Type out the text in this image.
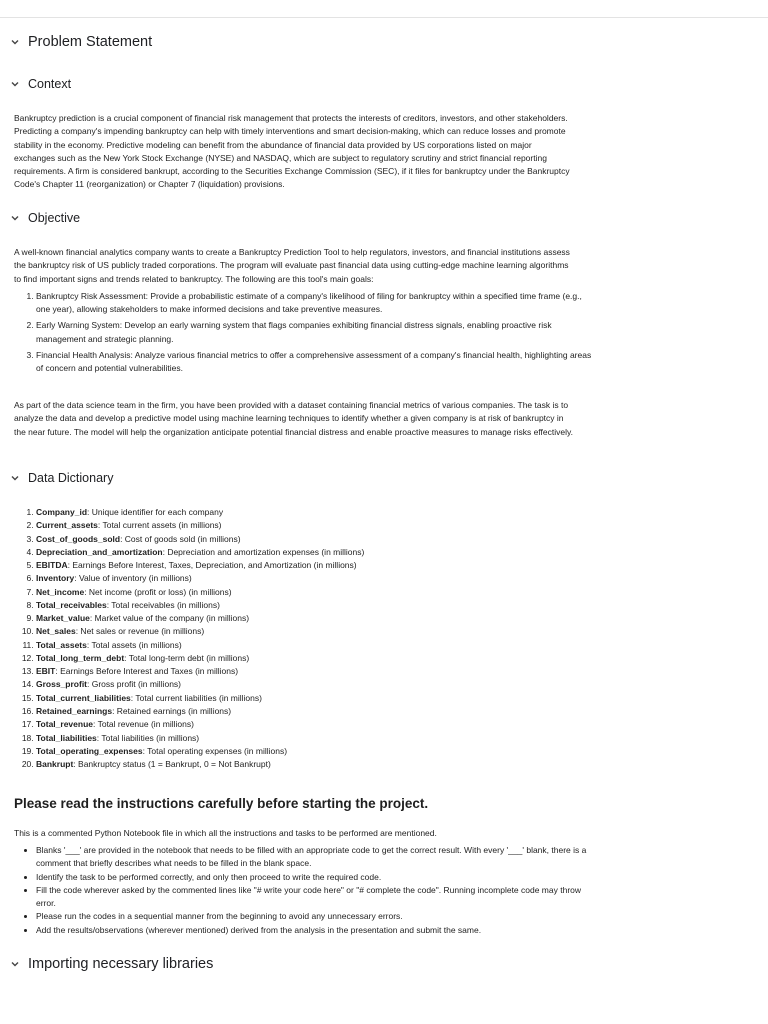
Problem Statement
Context

Bankruptcy prediction is a crucial component of financial risk management that protects the interests of creditors, investors, and other stakeholders. Predicting a company's impending bankruptcy can help with timely interventions and smart decision-making, which can reduce losses and promote stability in the economy. Predictive modeling can benefit from the abundance of financial data provided by US corporations listed on major exchanges such as the New York Stock Exchange (NYSE) and NASDAQ, which are subject to regulatory scrutiny and strict financial reporting requirements. A firm is considered bankrupt, according to the Securities Exchange Commission (SEC), if it files for bankruptcy under the Bankruptcy Code's Chapter 11 (reorganization) or Chapter 7 (liquidation) provisions.

Objective

A well-known financial analytics company wants to create a Bankruptcy Prediction Tool to help regulators, investors, and financial institutions assess the bankruptcy risk of US publicly traded corporations. The program will evaluate past financial data using cutting-edge machine learning algorithms to find important signs and trends related to bankruptcy. The following are this tool's main goals:

1. Bankruptcy Risk Assessment: Provide a probabilistic estimate of a company's likelihood of filing for bankruptcy within a specified time frame (e.g., one year), allowing stakeholders to make informed decisions and take preventive measures.
2. Early Warning System: Develop an early warning system that flags companies exhibiting financial distress signals, enabling proactive risk management and strategic planning.
3. Financial Health Analysis: Analyze various financial metrics to offer a comprehensive assessment of a company's financial health, highlighting areas of concern and potential vulnerabilities.

As part of the data science team in the firm, you have been provided with a dataset containing financial metrics of various companies. The task is to analyze the data and develop a predictive model using machine learning techniques to identify whether a given company is at risk of bankruptcy in the near future. The model will help the organization anticipate potential financial distress and enable proactive measures to manage risks effectively.

Data Dictionary
1. Company_id: Unique identifier for each company
2. Current_assets: Total current assets (in millions)
3. Cost_of_goods_sold: Cost of goods sold (in millions)
4. Depreciation_and_amortization: Depreciation and amortization expenses (in millions)
5. EBITDA: Earnings Before Interest, Taxes, Depreciation, and Amortization (in millions)
6. Inventory: Value of inventory (in millions)
7. Net_income: Net income (profit or loss) (in millions)
8. Total_receivables: Total receivables (in millions)
9. Market_value: Market value of the company (in millions)
10. Net_sales: Net sales or revenue (in millions)
11. Total_assets: Total assets (in millions)
12. Total_long_term_debt: Total long-term debt (in millions)
13. EBIT: Earnings Before Interest and Taxes (in millions)
14. Gross_profit: Gross profit (in millions)
15. Total_current_liabilities: Total current liabilities (in millions)
16. Retained_earnings: Retained earnings (in millions)
17. Total_revenue: Total revenue (in millions)
18. Total_liabilities: Total liabilities (in millions)
19. Total_operating_expenses: Total operating expenses (in millions)
20. Bankrupt: Bankruptcy status (1 = Bankrupt, 0 = Not Bankrupt)
Please read the instructions carefully before starting the project.

This is a commented Python Notebook file in which all the instructions and tasks to be performed are mentioned.

• Blanks '___' are provided in the notebook that needs to be filled with an appropriate code to get the correct result. With every '___' blank, there is a comment that briefly describes what needs to be filled in the blank space.
• Identify the task to be performed correctly, and only then proceed to write the required code.
• Fill the code wherever asked by the commented lines like "# write your code here" or "# complete the code". Running incomplete code may throw error.
• Please run the codes in a sequential manner from the beginning to avoid any unnecessary errors.
• Add the results/observations (wherever mentioned) derived from the analysis in the presentation and submit the same.
Importing necessary libraries
